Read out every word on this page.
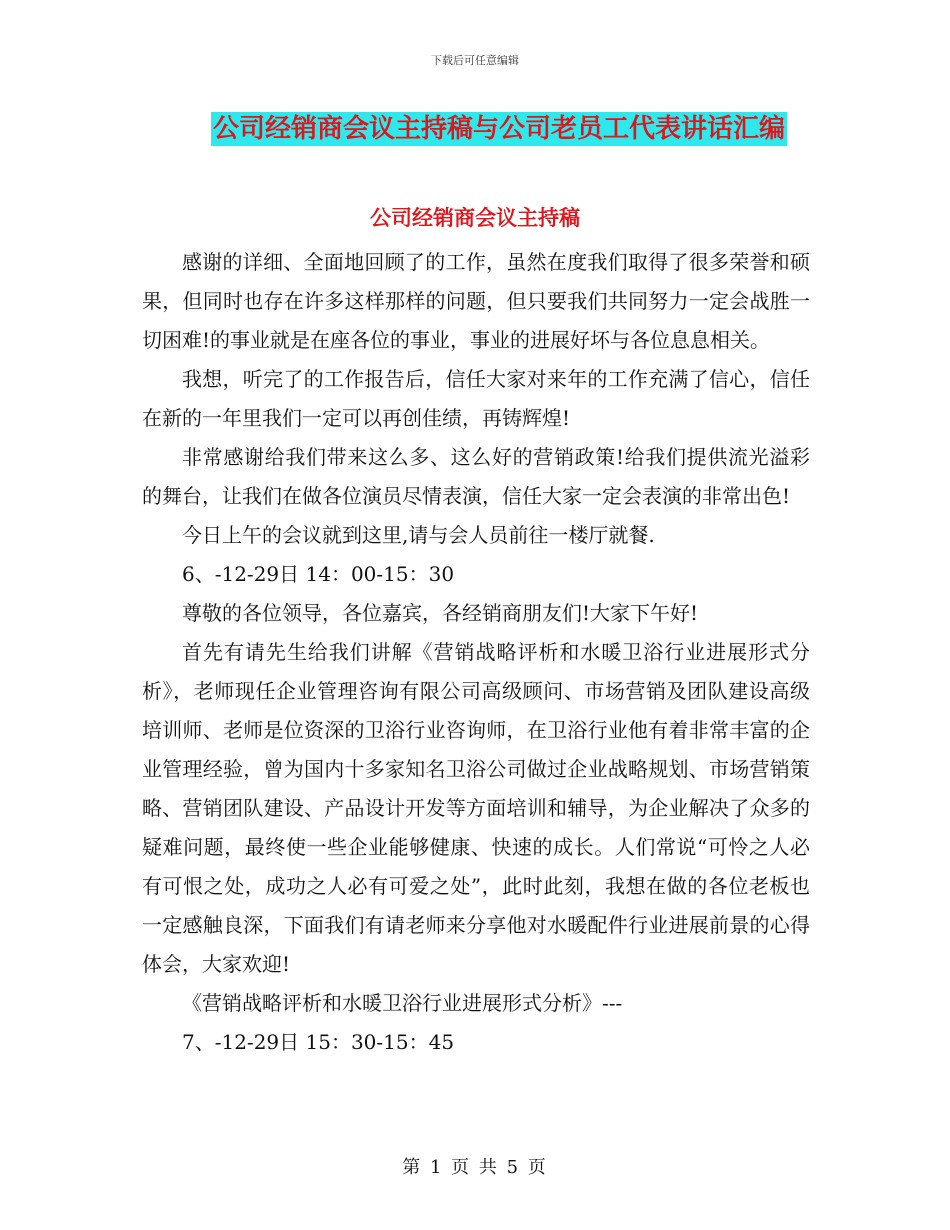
下载后可任意编辑
公司经销商会议主持稿与公司老员工代表讲话汇编
公司经销商会议主持稿

感谢的详细、全面地回顾了的工作，虽然在度我们取得了很多荣誉和硕果，但同时也存在许多这样那样的问题，但只要我们共同努力一定会战胜一切困难!的事业就是在座各位的事业，事业的进展好坏与各位息息相关。

我想，听完了的工作报告后，信任大家对来年的工作充满了信心，信任在新的一年里我们一定可以再创佳绩，再铸辉煌!

非常感谢给我们带来这么多、这么好的营销政策!给我们提供流光溢彩的舞台，让我们在做各位演员尽情表演，信任大家一定会表演的非常出色!

今日上午的会议就到这里,请与会人员前往一楼厅就餐.

6、-12-29日 14：00-15：30

尊敬的各位领导，各位嘉宾，各经销商朋友们!大家下午好!

首先有请先生给我们讲解《营销战略评析和水暖卫浴行业进展形式分析》，老师现任企业管理咨询有限公司高级顾问、市场营销及团队建设高级培训师、老师是位资深的卫浴行业咨询师，在卫浴行业他有着非常丰富的企业管理经验，曾为国内十多家知名卫浴公司做过企业战略规划、市场营销策略、营销团队建设、产品设计开发等方面培训和辅导，为企业解决了众多的疑难问题，最终使一些企业能够健康、快速的成长。人们常说“可怜之人必有可恨之处，成功之人必有可爱之处”，此时此刻，我想在做的各位老板也一定感触良深，下面我们有请老师来分享他对水暖配件行业进展前景的心得体会，大家欢迎!

《营销战略评析和水暖卫浴行业进展形式分析》---

7、-12-29日 15：30-15：45

第 1 页 共 5 页
